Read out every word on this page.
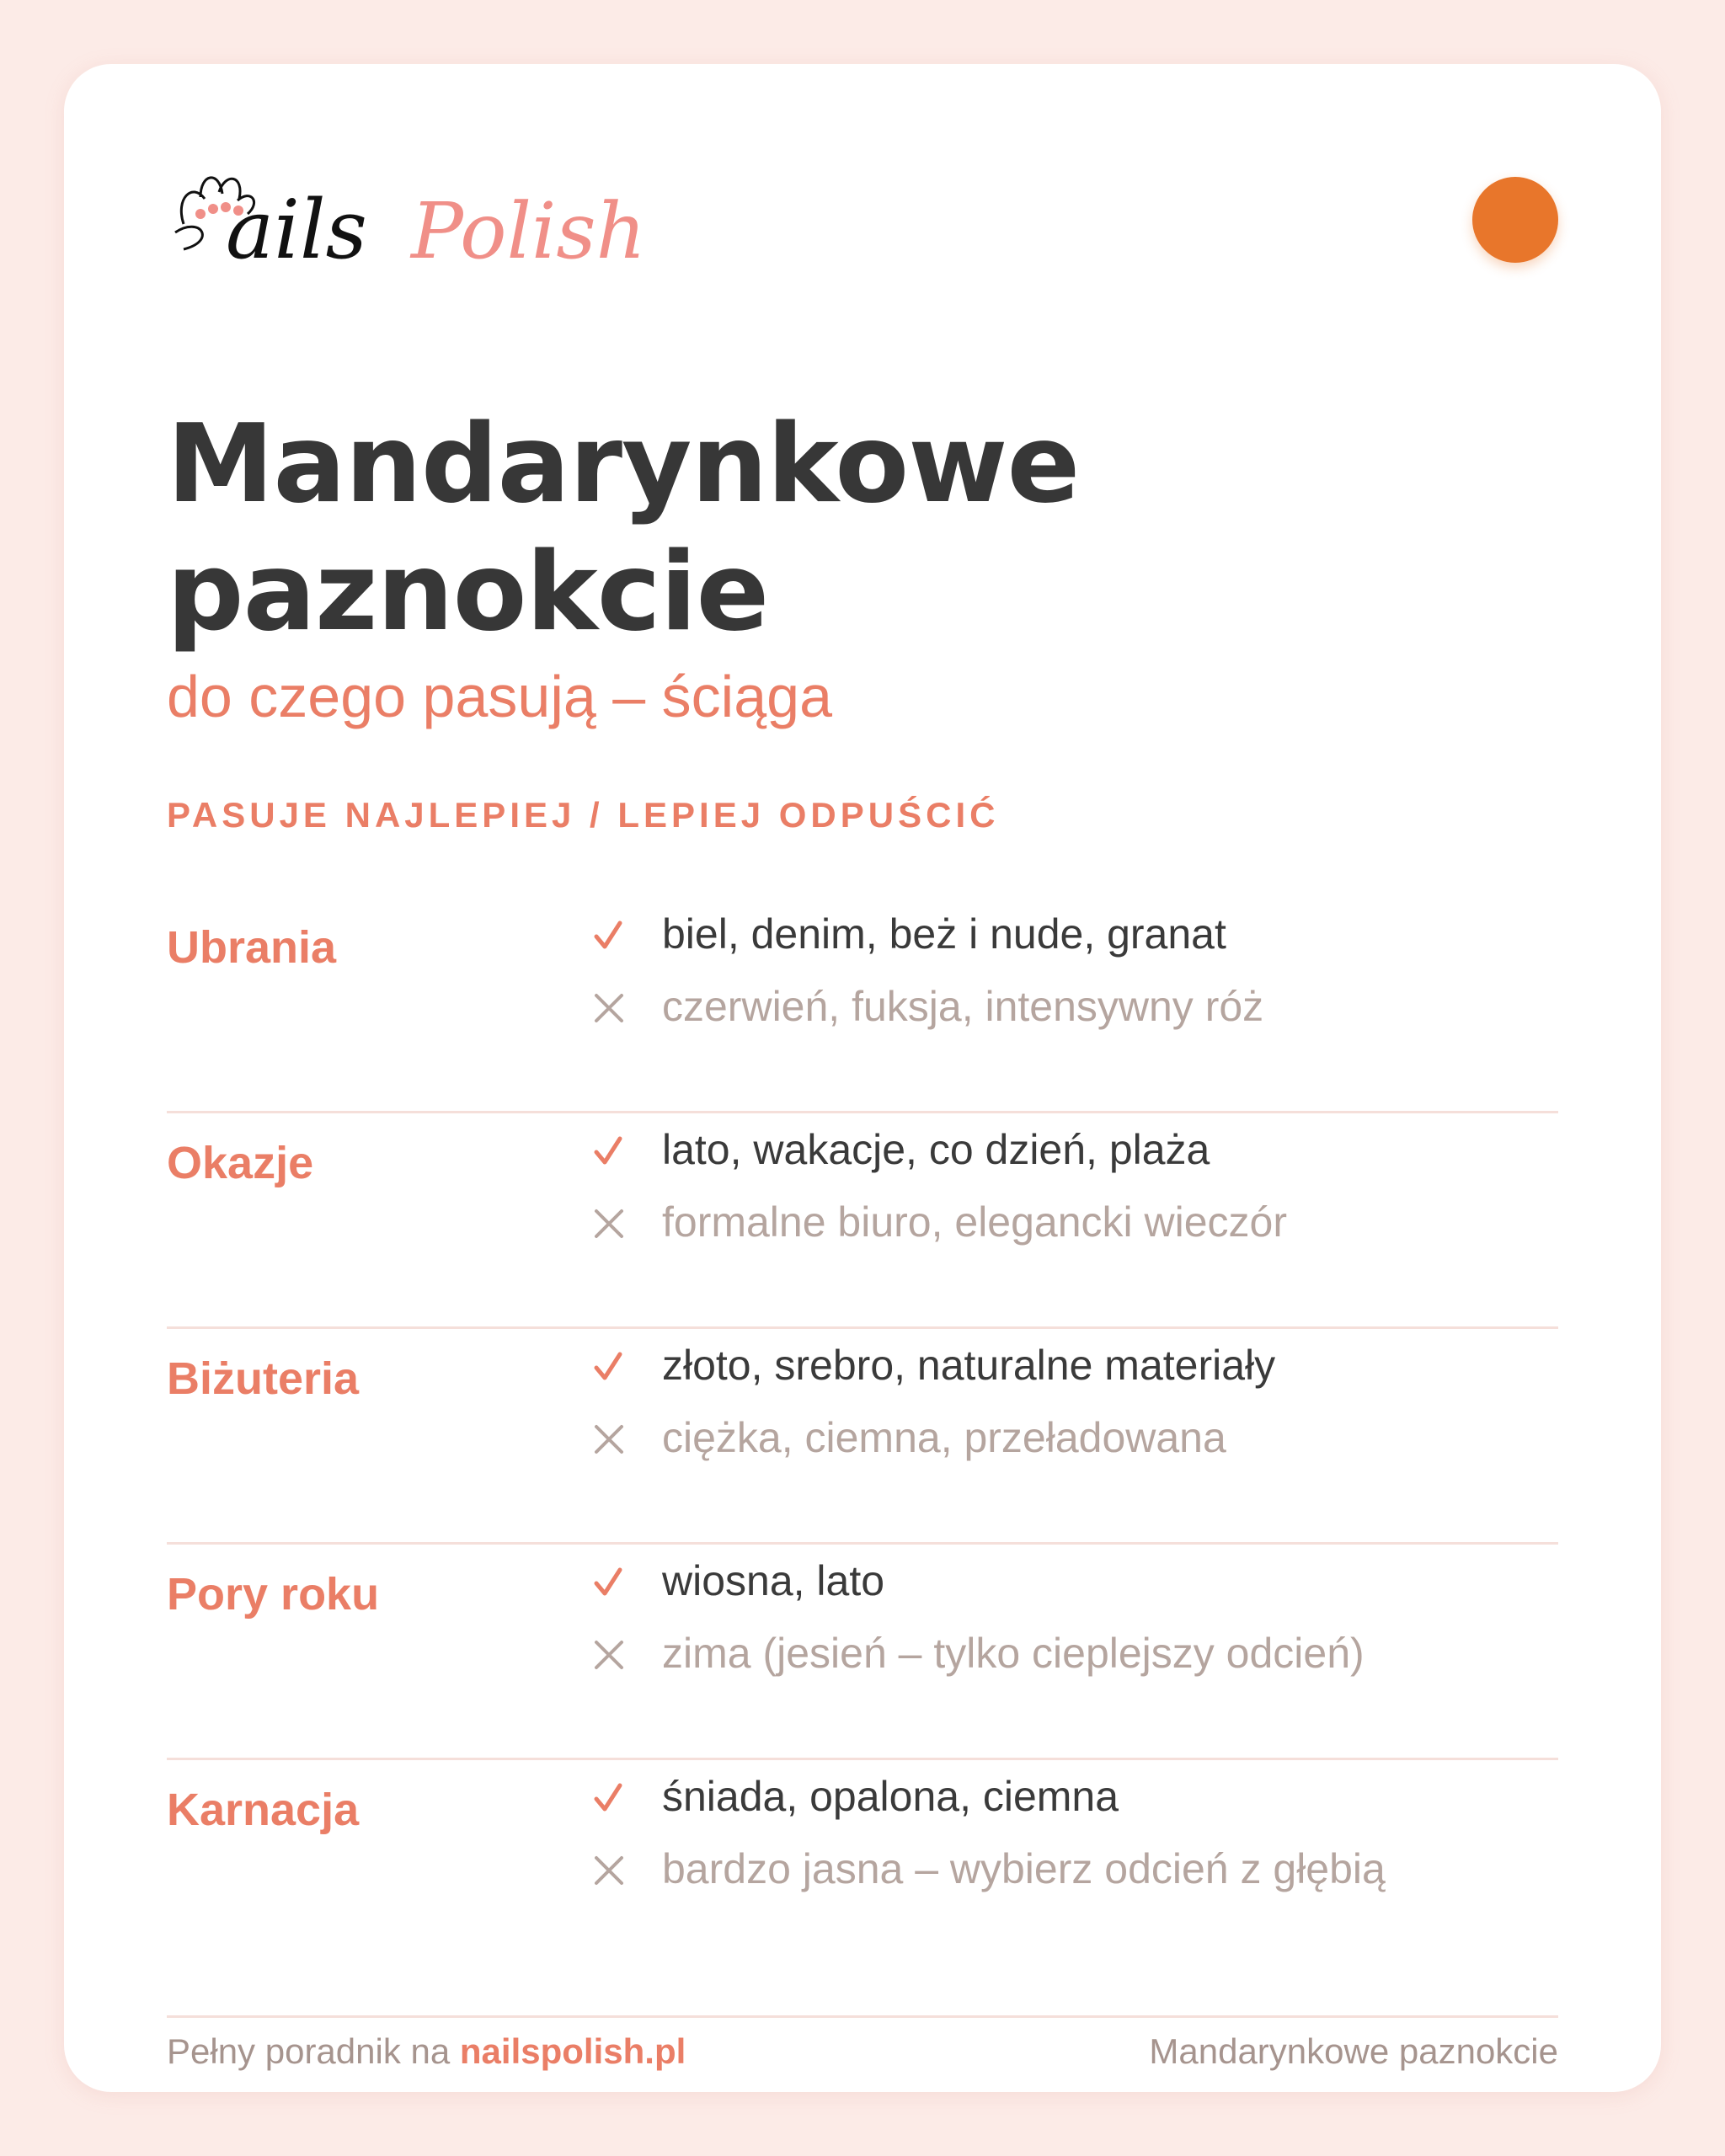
ails Polish
Mandarynkowe paznokcie
do czego pasują – ściąga
PASUJE NAJLEPIEJ / LEPIEJ ODPUŚCIĆ
Ubrania	biel, denim, beż i nude, granat
czerwień, fuksja, intensywny róż
Okazje	lato, wakacje, co dzień, plaża
formalne biuro, elegancki wieczór
Biżuteria	złoto, srebro, naturalne materiały
ciężka, ciemna, przeładowana
Pory roku	wiosna, lato
zima (jesień – tylko cieplejszy odcień)
Karnacja	śniada, opalona, ciemna
bardzo jasna – wybierz odcień z głębią
Pełny poradnik na nailspolish.pl	Mandarynkowe paznokcie
